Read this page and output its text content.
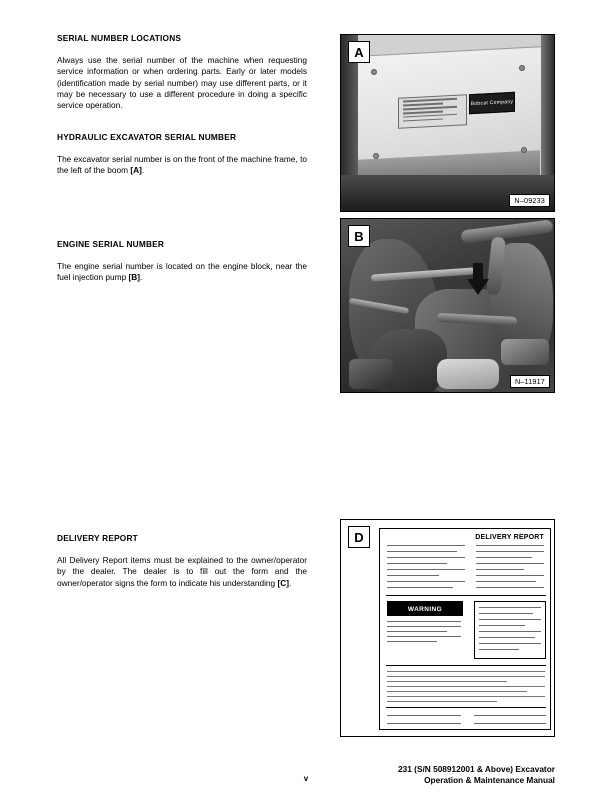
SERIAL NUMBER LOCATIONS

Always use the serial number of the machine when requesting service information or when ordering parts. Early or later models (identification made by serial number) may use different parts, or it may be necessary to use a different procedure in doing a specific service operation.

HYDRAULIC EXCAVATOR SERIAL NUMBER

The excavator serial number is on the front of the machine frame, to the left of the boom [A].

ENGINE SERIAL NUMBER

The engine serial number is located on the engine block, near the fuel injection pump [B].

DELIVERY REPORT

All Delivery Report items must be explained to the owner/operator by the dealer. The dealer is to fill out the form and the owner/operator signs the form to indicate his understanding [C].

Bobcat Company
A
N–09233
B
N–11917
DELIVERY REPORT
WARNING
D
v
231 (S/N 508912001 & Above) Excavator
Operation & Maintenance Manual
